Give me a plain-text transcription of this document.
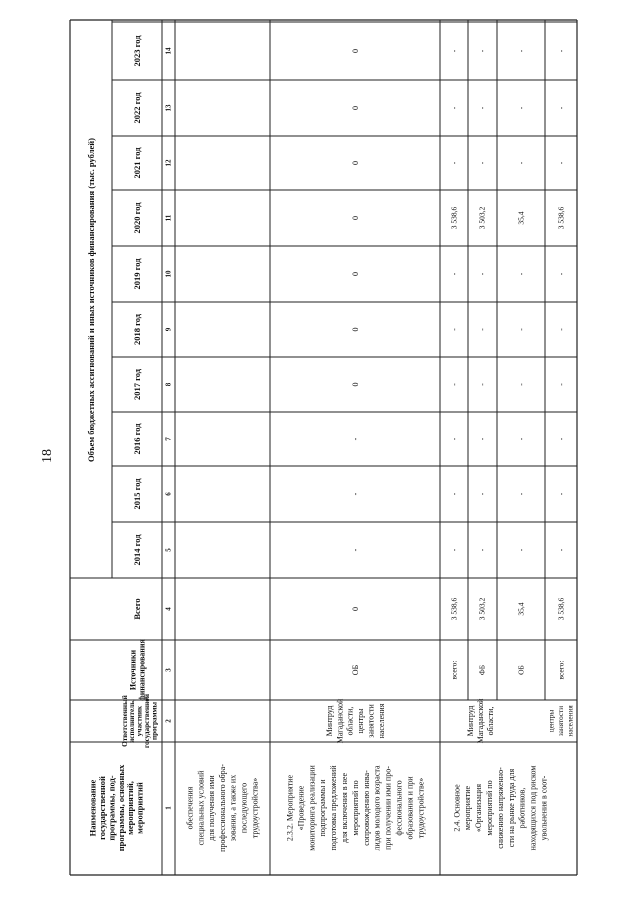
18
Наименование государственной программы, под- программы, основных мероприятий, мероприятий
Ответственный исполнитель, участник государственной программы
Источники финансирования
Всего
Объем бюджетных ассигнований и иных источников финансирования (тыс. рублей)
2014 год
2015 год
2016 год
2017 год
2018 год
2019 год
2020 год
2021 год
2022 год
2023 год
1
2
3
4
5
6
7
8
9
10
11
12
13
14
обеспечения специальных условий для получения ими профессионального обра- зования, а также их последующего трудоустройства»	2.3.2. Мероприятие «Проведение мониторинга реализации подпрограммы и подготовка предложений для включения в нее мероприятий по сопровождению инва- лидов молодого возраста при получении ими про- фессионального образования и при трудоустройстве»
Минтруд Магаданской области, центры занятости населения
ОБ
0
-
-
-
0
0
0
0
0
0
0
2.4. Основное мероприятие «Организация мероприятий по снижению напряженно- сти на рынке труда для работников, находящихся под риском увольнения в соот-
Минтруд Магаданской области,	центры занятости населения
всего:
3 538,6
-
-
-
-
-
-
3 538,6
-
-
-
ФБ
3 503,2
-
-
-
-
-
-
3 503,2
-
-
-
ОБ
35,4
-
-
-
-
-
-
35,4
-
-
-
всего:
3 538,6
-
-
-
-
-
-
3 538,6
-
-
-
